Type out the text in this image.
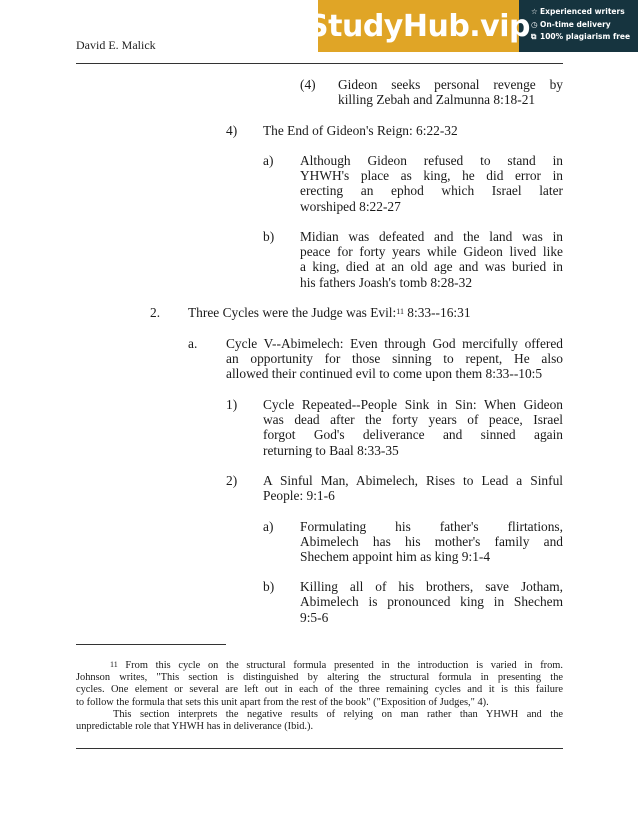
David E. Malick
StudyHub.vip ☆ Experienced writers
◷ On-time delivery
⧉ 100% plagiarism free
(4) Gideon seeks personal revenge by
killing Zebah and Zalmunna 8:18-21
4) The End of Gideon's Reign: 6:22-32
a) Although Gideon refused to stand in
YHWH's place as king, he did error in
erecting an ephod which Israel later
worshiped 8:22-27
b) Midian was defeated and the land was in
peace for forty years while Gideon lived like
a king, died at an old age and was buried in
his fathers Joash's tomb 8:28-32
2. Three Cycles were the Judge was Evil:$^{11}$ 8:33--16:31
a. Cycle V--Abimelech: Even through God mercifully offered
an opportunity for those sinning to repent, He also
allowed their continued evil to come upon them 8:33--10:5
1) Cycle Repeated--People Sink in Sin: When Gideon
was dead after the forty years of peace, Israel
forgot God's deliverance and sinned again
returning to Baal 8:33-35
2) A Sinful Man, Abimelech, Rises to Lead a Sinful
People: 9:1-6
a) Formulating his father's flirtations,
Abimelech has his mother's family and
Shechem appoint him as king 9:1-4
b) Killing all of his brothers, save Jotham,
Abimelech is pronounced king in Shechem
9:5-6
$^{11}$ From this cycle on the structural formula presented in the introduction is varied in from.
Johnson writes, "This section is distinguished by altering the structural formula in presenting the
cycles. One element or several are left out in each of the three remaining cycles and it is this failure
to follow the formula that sets this unit apart from the rest of the book" ("Exposition of Judges," 4).
This section interprets the negative results of relying on man rather than YHWH and the
unpredictable role that YHWH has in deliverance (Ibid.).
